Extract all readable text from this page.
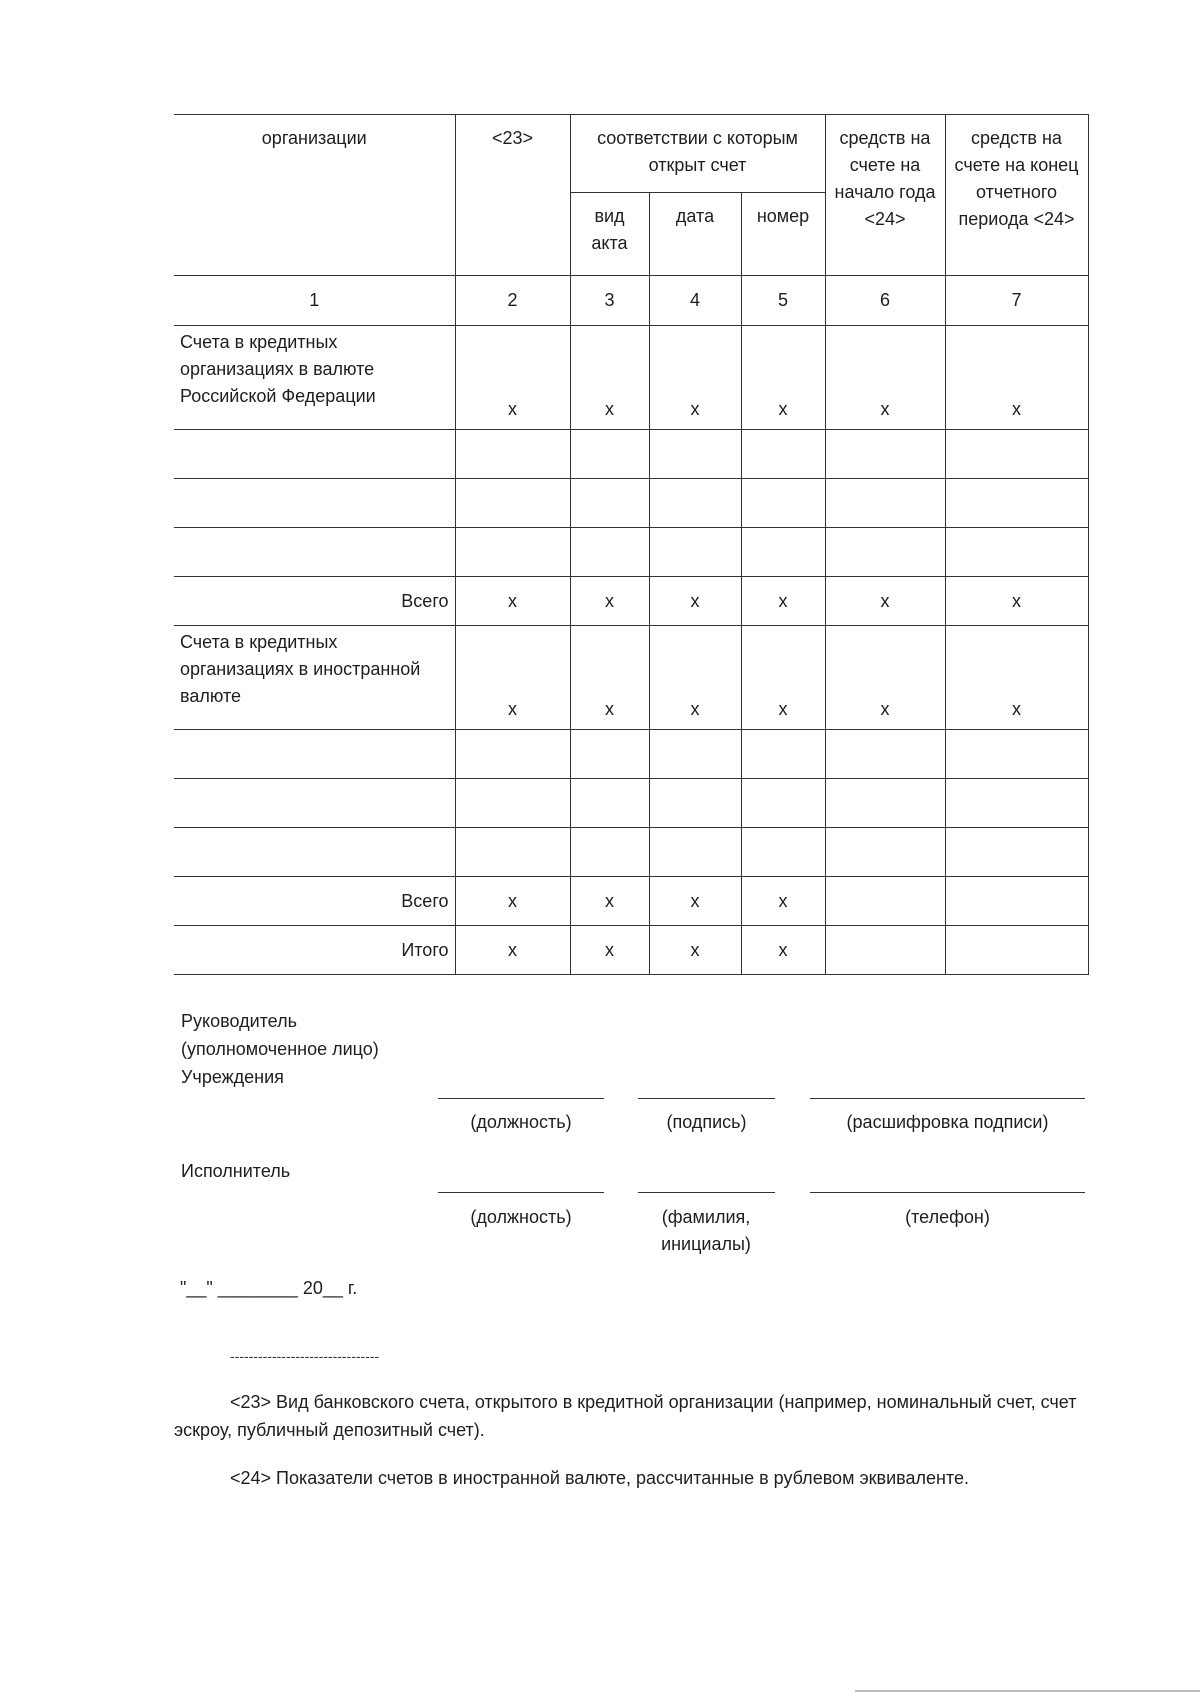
организации	<23>	соответствии с которым открыт счет			средств на счете на начало года <24>	средств на счете на конец отчетного периода <24>
		вид акта	дата	номер		
1	2	3	4	5	6	7
Счета в кредитных организациях в валюте Российской Федерации	x	x	x	x	x	x

Всего	x	x	x	x	x	x
Счета в кредитных организациях в иностранной валюте	x	x	x	x	x	x

Всего	x	x	x	x		
Итого	x	x	x	x		
Руководитель (уполномоченное лицо) Учреждения
(должность)	(подпись)	(расшифровка подписи)
Исполнитель
(должность)	(фамилия, инициалы)
(телефон)
"__" ________ 20__ г.
--------------------------------
<23> Вид банковского счета, открытого в кредитной организации (например, номинальный счет, счет эскроу, публичный депозитный счет).
<24> Показатели счетов в иностранной валюте, рассчитанные в рублевом эквиваленте.
